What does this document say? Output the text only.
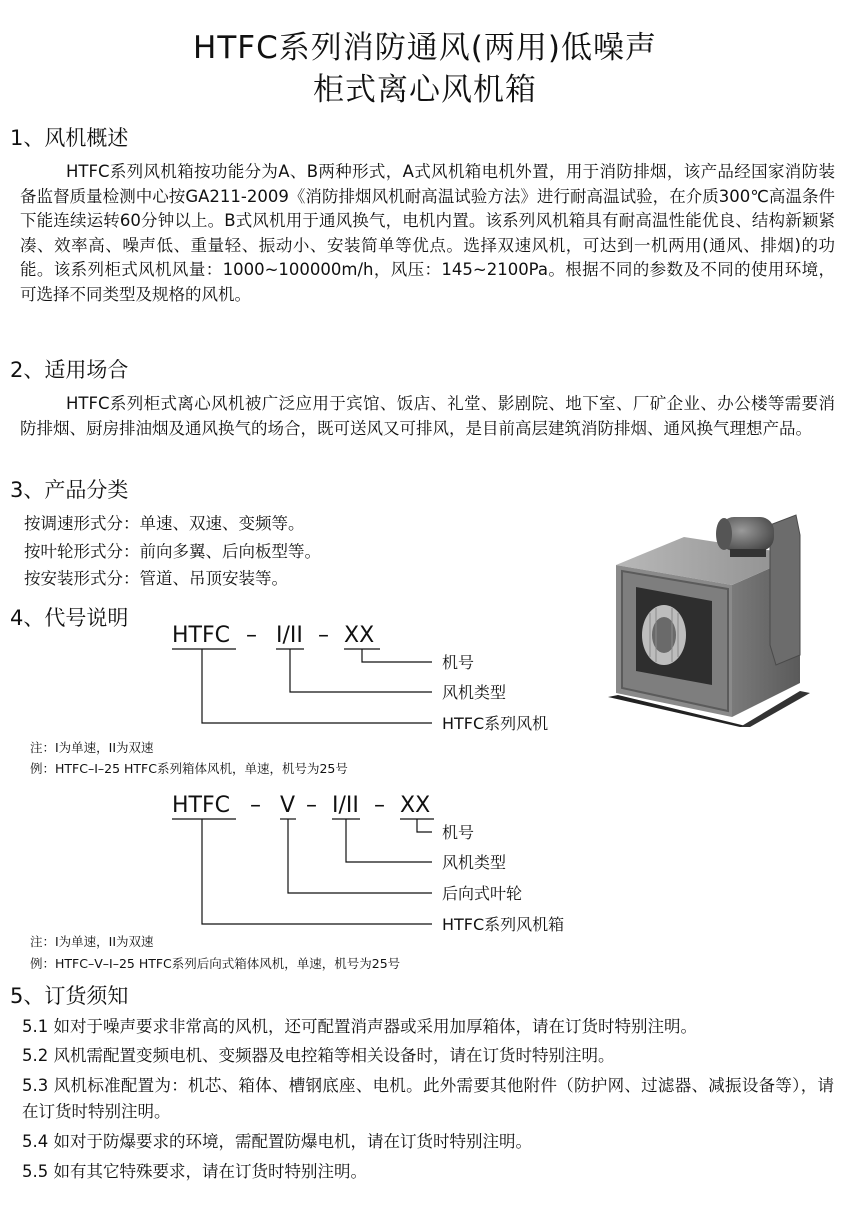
HTFC系列消防通风(两用)低噪声
柜式离心风机箱
1、风机概述
HTFC系列风机箱按功能分为A、B两种形式，A式风机箱电机外置，用于消防排烟，该产品经国家消防装备监督质量检测中心按GA211-2009《消防排烟风机耐高温试验方法》进行耐高温试验，在介质300℃高温条件下能连续运转60分钟以上。B式风机用于通风换气，电机内置。该系列风机箱具有耐高温性能优良、结构新颖紧凑、效率高、噪声低、重量轻、振动小、安装简单等优点。选择双速风机，可达到一机两用(通风、排烟)的功能。该系列柜式风机风量：1000~100000m/h，风压：145~2100Pa。根据不同的参数及不同的使用环境，可选择不同类型及规格的风机。
2、适用场合
HTFC系列柜式离心风机被广泛应用于宾馆、饭店、礼堂、影剧院、地下室、厂矿企业、办公楼等需要消防排烟、厨房排油烟及通风换气的场合，既可送风又可排风，是目前高层建筑消防排烟、通风换气理想产品。
3、产品分类
按调速形式分：单速、双速、变频等。
按叶轮形式分：前向多翼、后向板型等。
按安装形式分：管道、吊顶安装等。
4、代号说明
HTFC – I/II – XX
机号
风机类型
HTFC系列风机
注：I为单速，II为双速
例：HTFC–I–25 HTFC系列箱体风机，单速，机号为25号
HTFC – V – I/II – XX
机号
风机类型
后向式叶轮
HTFC系列风机箱
注：I为单速，II为双速
例：HTFC–V–I–25 HTFC系列后向式箱体风机，单速，机号为25号
5、订货须知
5.1 如对于噪声要求非常高的风机，还可配置消声器或采用加厚箱体，请在订货时特别注明。
5.2 风机需配置变频电机、变频器及电控箱等相关设备时，请在订货时特别注明。
5.3 风机标准配置为：机芯、箱体、槽钢底座、电机。此外需要其他附件（防护网、过滤器、减振设备等），请在订货时特别注明。
5.4 如对于防爆要求的环境，需配置防爆电机，请在订货时特别注明。
5.5 如有其它特殊要求，请在订货时特别注明。
